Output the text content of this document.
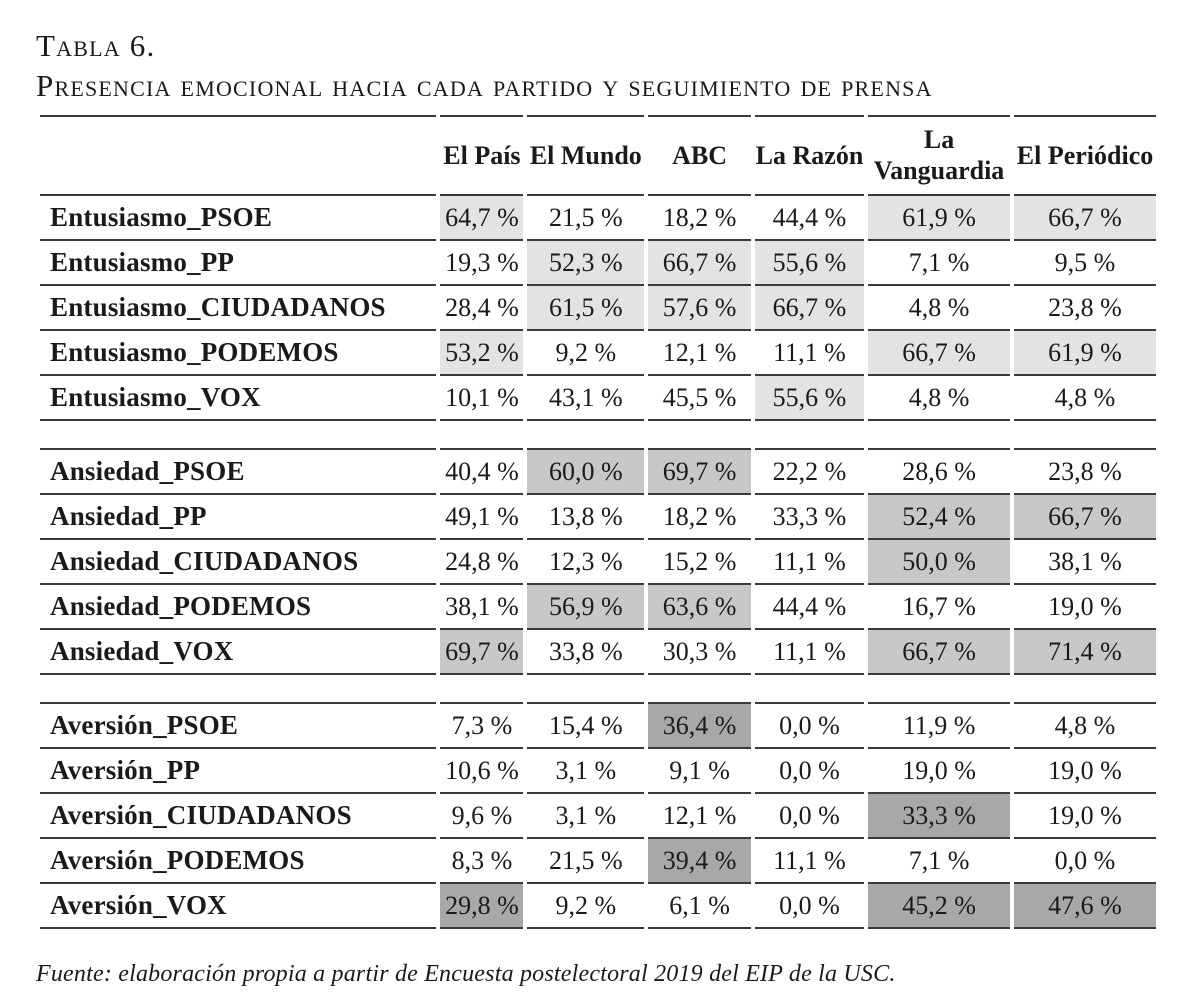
Tabla 6.
Presencia emocional hacia cada partido y seguimiento de prensa
	El País	El Mundo	ABC	La Razón	La Vanguardia	El Periódico
Entusiasmo_PSOE	64,7 %	21,5 %	18,2 %	44,4 %	61,9 %	66,7 %
Entusiasmo_PP	19,3 %	52,3 %	66,7 %	55,6 %	7,1 %	9,5 %
Entusiasmo_CIUDADANOS	28,4 %	61,5 %	57,6 %	66,7 %	4,8 %	23,8 %
Entusiasmo_PODEMOS	53,2 %	9,2 %	12,1 %	11,1 %	66,7 %	61,9 %
Entusiasmo_VOX	10,1 %	43,1 %	45,5 %	55,6 %	4,8 %	4,8 %

Ansiedad_PSOE	40,4 %	60,0 %	69,7 %	22,2 %	28,6 %	23,8 %
Ansiedad_PP	49,1 %	13,8 %	18,2 %	33,3 %	52,4 %	66,7 %
Ansiedad_CIUDADANOS	24,8 %	12,3 %	15,2 %	11,1 %	50,0 %	38,1 %
Ansiedad_PODEMOS	38,1 %	56,9 %	63,6 %	44,4 %	16,7 %	19,0 %
Ansiedad_VOX	69,7 %	33,8 %	30,3 %	11,1 %	66,7 %	71,4 %

Aversión_PSOE	7,3 %	15,4 %	36,4 %	0,0 %	11,9 %	4,8 %
Aversión_PP	10,6 %	3,1 %	9,1 %	0,0 %	19,0 %	19,0 %
Aversión_CIUDADANOS	9,6 %	3,1 %	12,1 %	0,0 %	33,3 %	19,0 %
Aversión_PODEMOS	8,3 %	21,5 %	39,4 %	11,1 %	7,1 %	0,0 %
Aversión_VOX	29,8 %	9,2 %	6,1 %	0,0 %	45,2 %	47,6 %
Fuente: elaboración propia a partir de Encuesta postelectoral 2019 del EIP de la USC.
